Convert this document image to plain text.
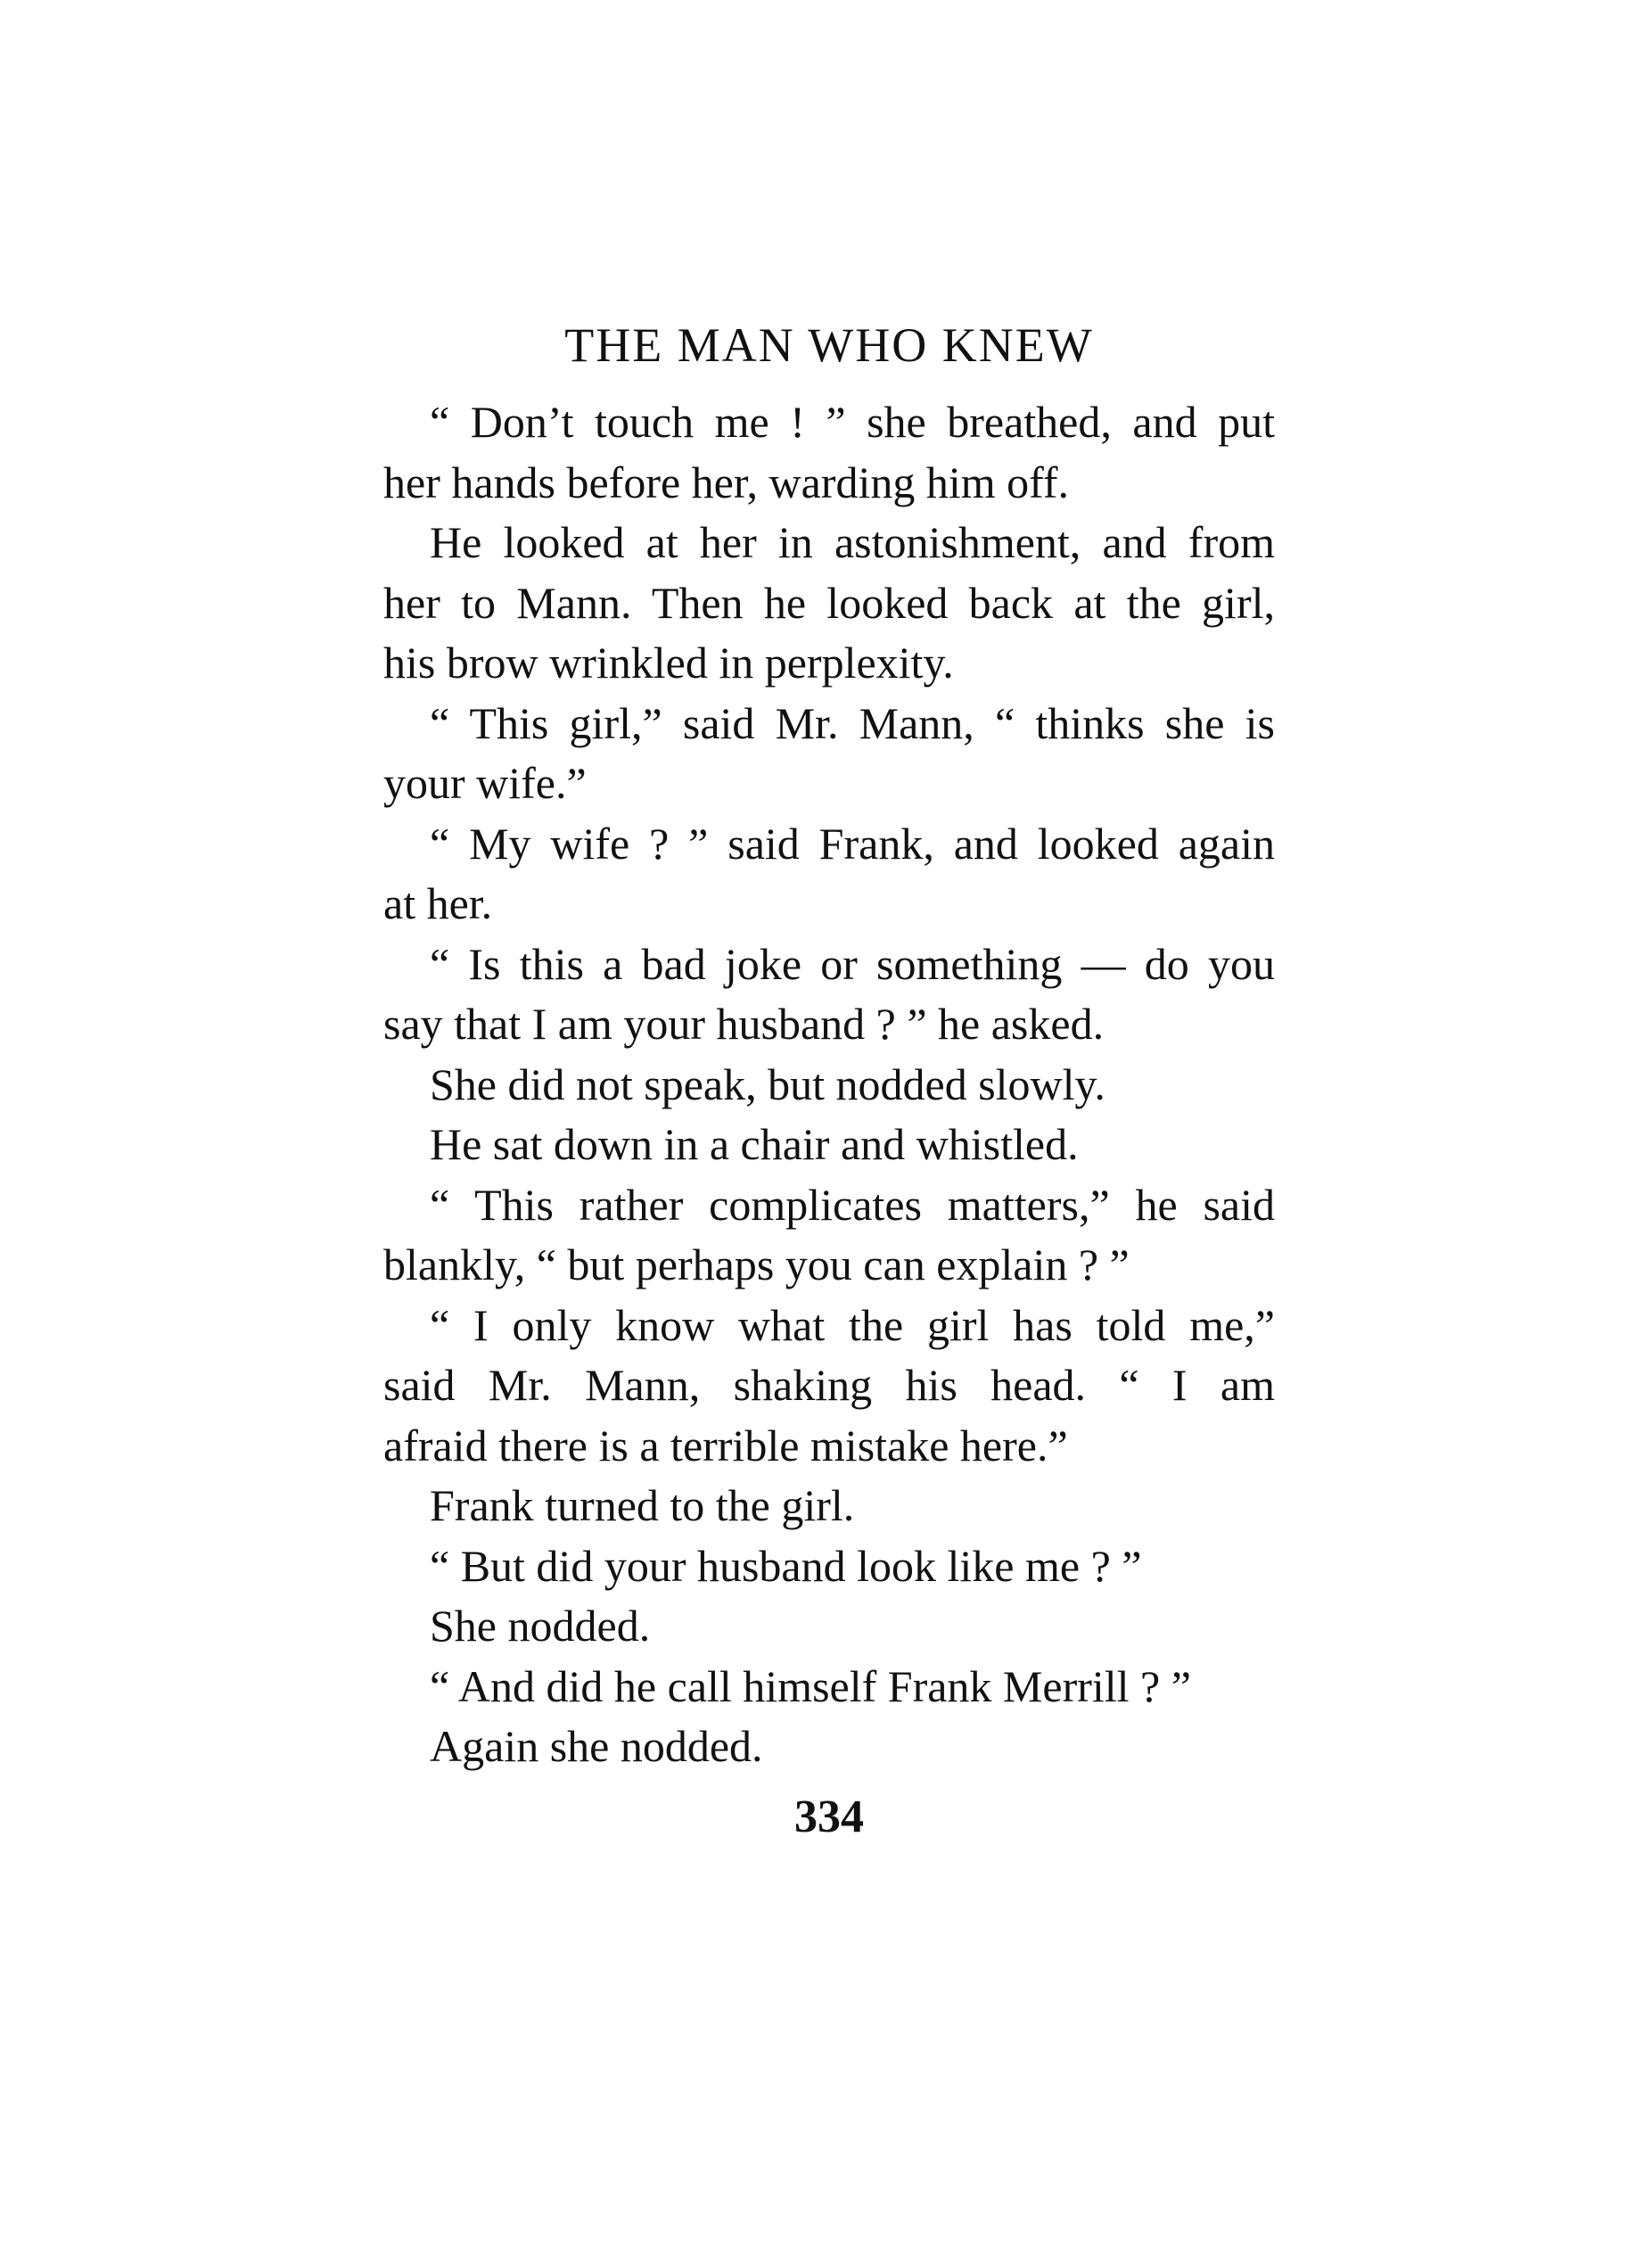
THE MAN WHO KNEW
“ Don’t touch me ! ” she breathed, and put
her hands before her, warding him off.
He looked at her in astonishment, and from
her to Mann. Then he looked back at the girl,
his brow wrinkled in perplexity.
“ This girl,” said Mr. Mann, “ thinks she is
your wife.”
“ My wife ? ” said Frank, and looked again
at her.
“ Is this a bad joke or something — do you
say that I am your husband ? ” he asked.
She did not speak, but nodded slowly.
He sat down in a chair and whistled.
“ This rather complicates matters,” he said
blankly, “ but perhaps you can explain ? ”
“ I only know what the girl has told me,”
said Mr. Mann, shaking his head. “ I am
afraid there is a terrible mistake here.”
Frank turned to the girl.
“ But did your husband look like me ? ”
She nodded.
“ And did he call himself Frank Merrill ? ”
Again she nodded.
334
